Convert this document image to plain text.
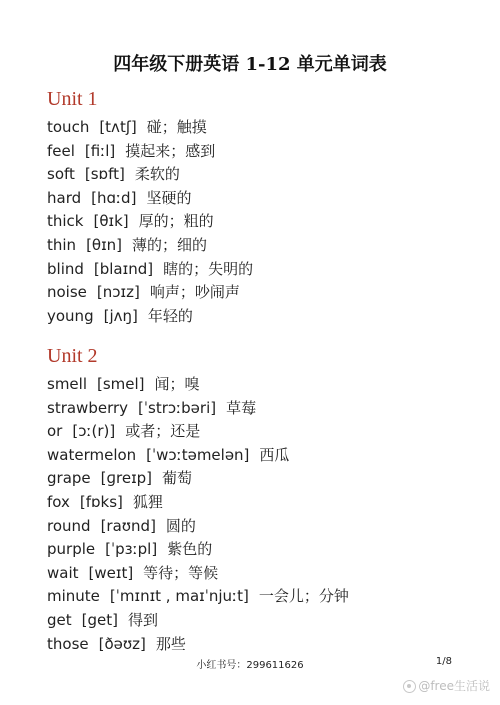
四年级下册英语 1-12 单元单词表
Unit 1
touch [tʌtʃ] 碰；触摸
feel [fiːl] 摸起来；感到
soft [sɒft] 柔软的
hard [hɑːd] 坚硬的
thick [θɪk] 厚的；粗的
thin [θɪn] 薄的；细的
blind [blaɪnd] 瞎的；失明的
noise [nɔɪz] 响声；吵闹声
young [jʌŋ] 年轻的
Unit 2
smell [smel] 闻；嗅
strawberry [ˈstrɔːbəri] 草莓
or [ɔː(r)] 或者；还是
watermelon [ˈwɔːtəmelən] 西瓜
grape [ɡreɪp] 葡萄
fox [fɒks] 狐狸
round [raʊnd] 圆的
purple [ˈpɜːpl] 紫色的
wait [weɪt] 等待；等候
minute [ˈmɪnɪt , maɪˈnjuːt] 一会儿；分钟
get [get] 得到
those [ðəʊz] 那些
小红书号：299611626	1/8
@free生活说
